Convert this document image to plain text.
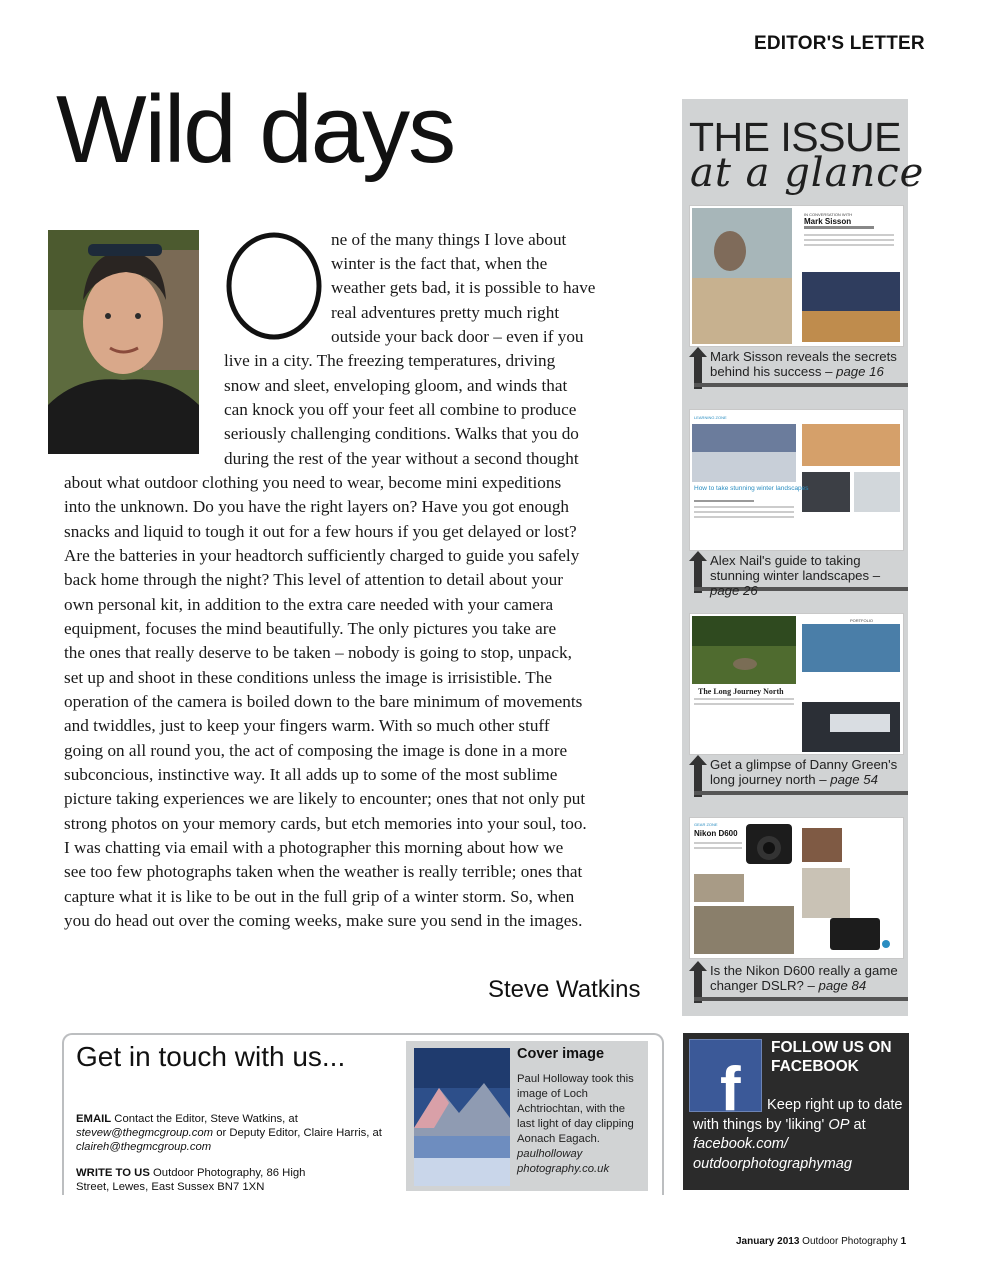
EDITOR'S LETTER
Wild days
O
ne of the many things I love about
winter is the fact that, when the
weather gets bad, it is possible to have
real adventures pretty much right
outside your back door – even if you
live in a city. The freezing temperatures, driving
snow and sleet, enveloping gloom, and winds that
can knock you off your feet all combine to produce
seriously challenging conditions. Walks that you do
during the rest of the year without a second thought
about what outdoor clothing you need to wear, become mini expeditions
into the unknown. Do you have the right layers on? Have you got enough
snacks and liquid to tough it out for a few hours if you get delayed or lost?
Are the batteries in your headtorch sufficiently charged to guide you safely
back home through the night? This level of attention to detail about your
own personal kit, in addition to the extra care needed with your camera
equipment, focuses the mind beautifully. The only pictures you take are
the ones that really deserve to be taken – nobody is going to stop, unpack,
set up and shoot in these conditions unless the image is irrisistible. The
operation of the camera is boiled down to the bare minimum of movements
and twiddles, just to keep your fingers warm. With so much other stuff
going on all round you, the act of composing the image is done in a more
subconcious, instinctive way. It all adds up to some of the most sublime
picture taking experiences we are likely to encounter; ones that not only put
strong photos on your memory cards, but etch memories into your soul, too.
I was chatting via email with a photographer this morning about how we
see too few photographs taken when the weather is really terrible; ones that
capture what it is like to be out in the full grip of a winter storm. So, when
you do head out over the coming weeks, make sure you send in the images.
Steve Watkins
THE ISSUE
at a glance
IN CONVERSATION WITH
Mark Sisson
Mark Sisson reveals the secrets behind his success – page 16
LEARNING ZONE
How to take stunning winter landscapes
Alex Nail's guide to taking stunning winter landscapes – page 26
PORTFOLIO
The Long Journey North
Get a glimpse of Danny Green's long journey north – page 54
GEAR ZONE
Nikon D600
Is the Nikon D600 really a game changer DSLR? – page 84
Get in touch with us...
EMAIL Contact the Editor, Steve Watkins, at stevew@thegmcgroup.com or Deputy Editor, Claire Harris, at claireh@thegmcgroup.com
WRITE TO US Outdoor Photography, 86 High Street, Lewes, East Sussex BN7 1XN
Cover image
Paul Holloway took this image of Loch Achtriochtan, with the last light of day clipping Aonach Eagach.
paulholloway photography.co.uk
f
FOLLOW US ON FACEBOOK
Keep right up to date with things by 'liking' OP at facebook.com/ outdoorphotographymag
January 2013 Outdoor Photography 1
